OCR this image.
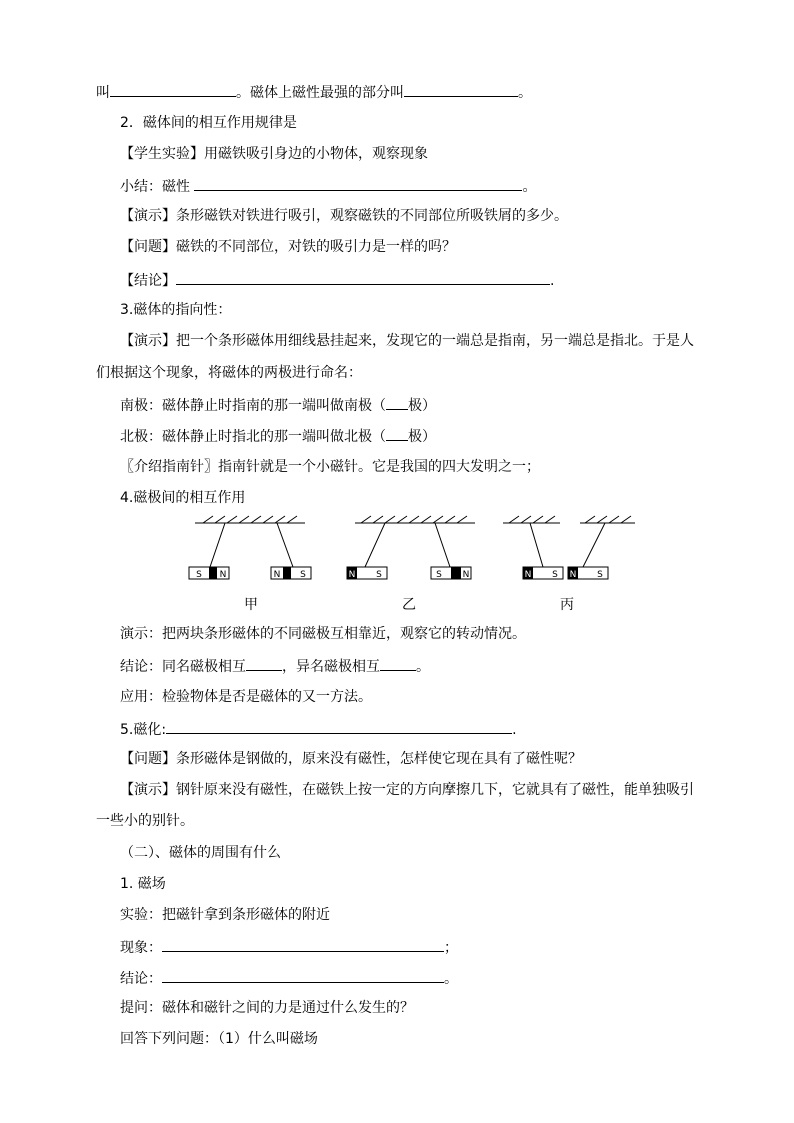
叫	。磁体上磁性最强的部分叫	。
2．磁体间的相互作用规律是
【学生实验】用磁铁吸引身边的小物体，观察现象
小结：磁性	。
【演示】条形磁铁对铁进行吸引，观察磁铁的不同部位所吸铁屑的多少。
【问题】磁铁的不同部位，对铁的吸引力是一样的吗？
【结论】	.
3.磁体的指向性：
【演示】把一个条形磁体用细线悬挂起来，发现它的一端总是指南，另一端总是指北。于是人
们根据这个现象，将磁体的两极进行命名：
南极：磁体静止时指南的那一端叫做南极（ 极）
北极：磁体静止时指北的那一端叫做北极（ 极）
〖介绍指南针〗指南针就是一个小磁针。它是我国的四大发明之一；
4.磁极间的相互作用
S N	N S	N S	S N	N S N S
甲	乙	丙
演示：把两块条形磁体的不同磁极互相靠近，观察它的转动情况。
结论：同名磁极相互	，异名磁极相互	。
应用：检验物体是否是磁体的又一方法。
5.磁化:	.
【问题】条形磁体是钢做的，原来没有磁性，怎样使它现在具有了磁性呢？
【演示】钢针原来没有磁性，在磁铁上按一定的方向摩擦几下，它就具有了磁性，能单独吸引
一些小的别针。
（二）、磁体的周围有什么
1. 磁场
实验：把磁针拿到条形磁体的附近
现象：	；
结论：	。
提问：磁体和磁针之间的力是通过什么发生的？
回答下列问题：（1）什么叫磁场
